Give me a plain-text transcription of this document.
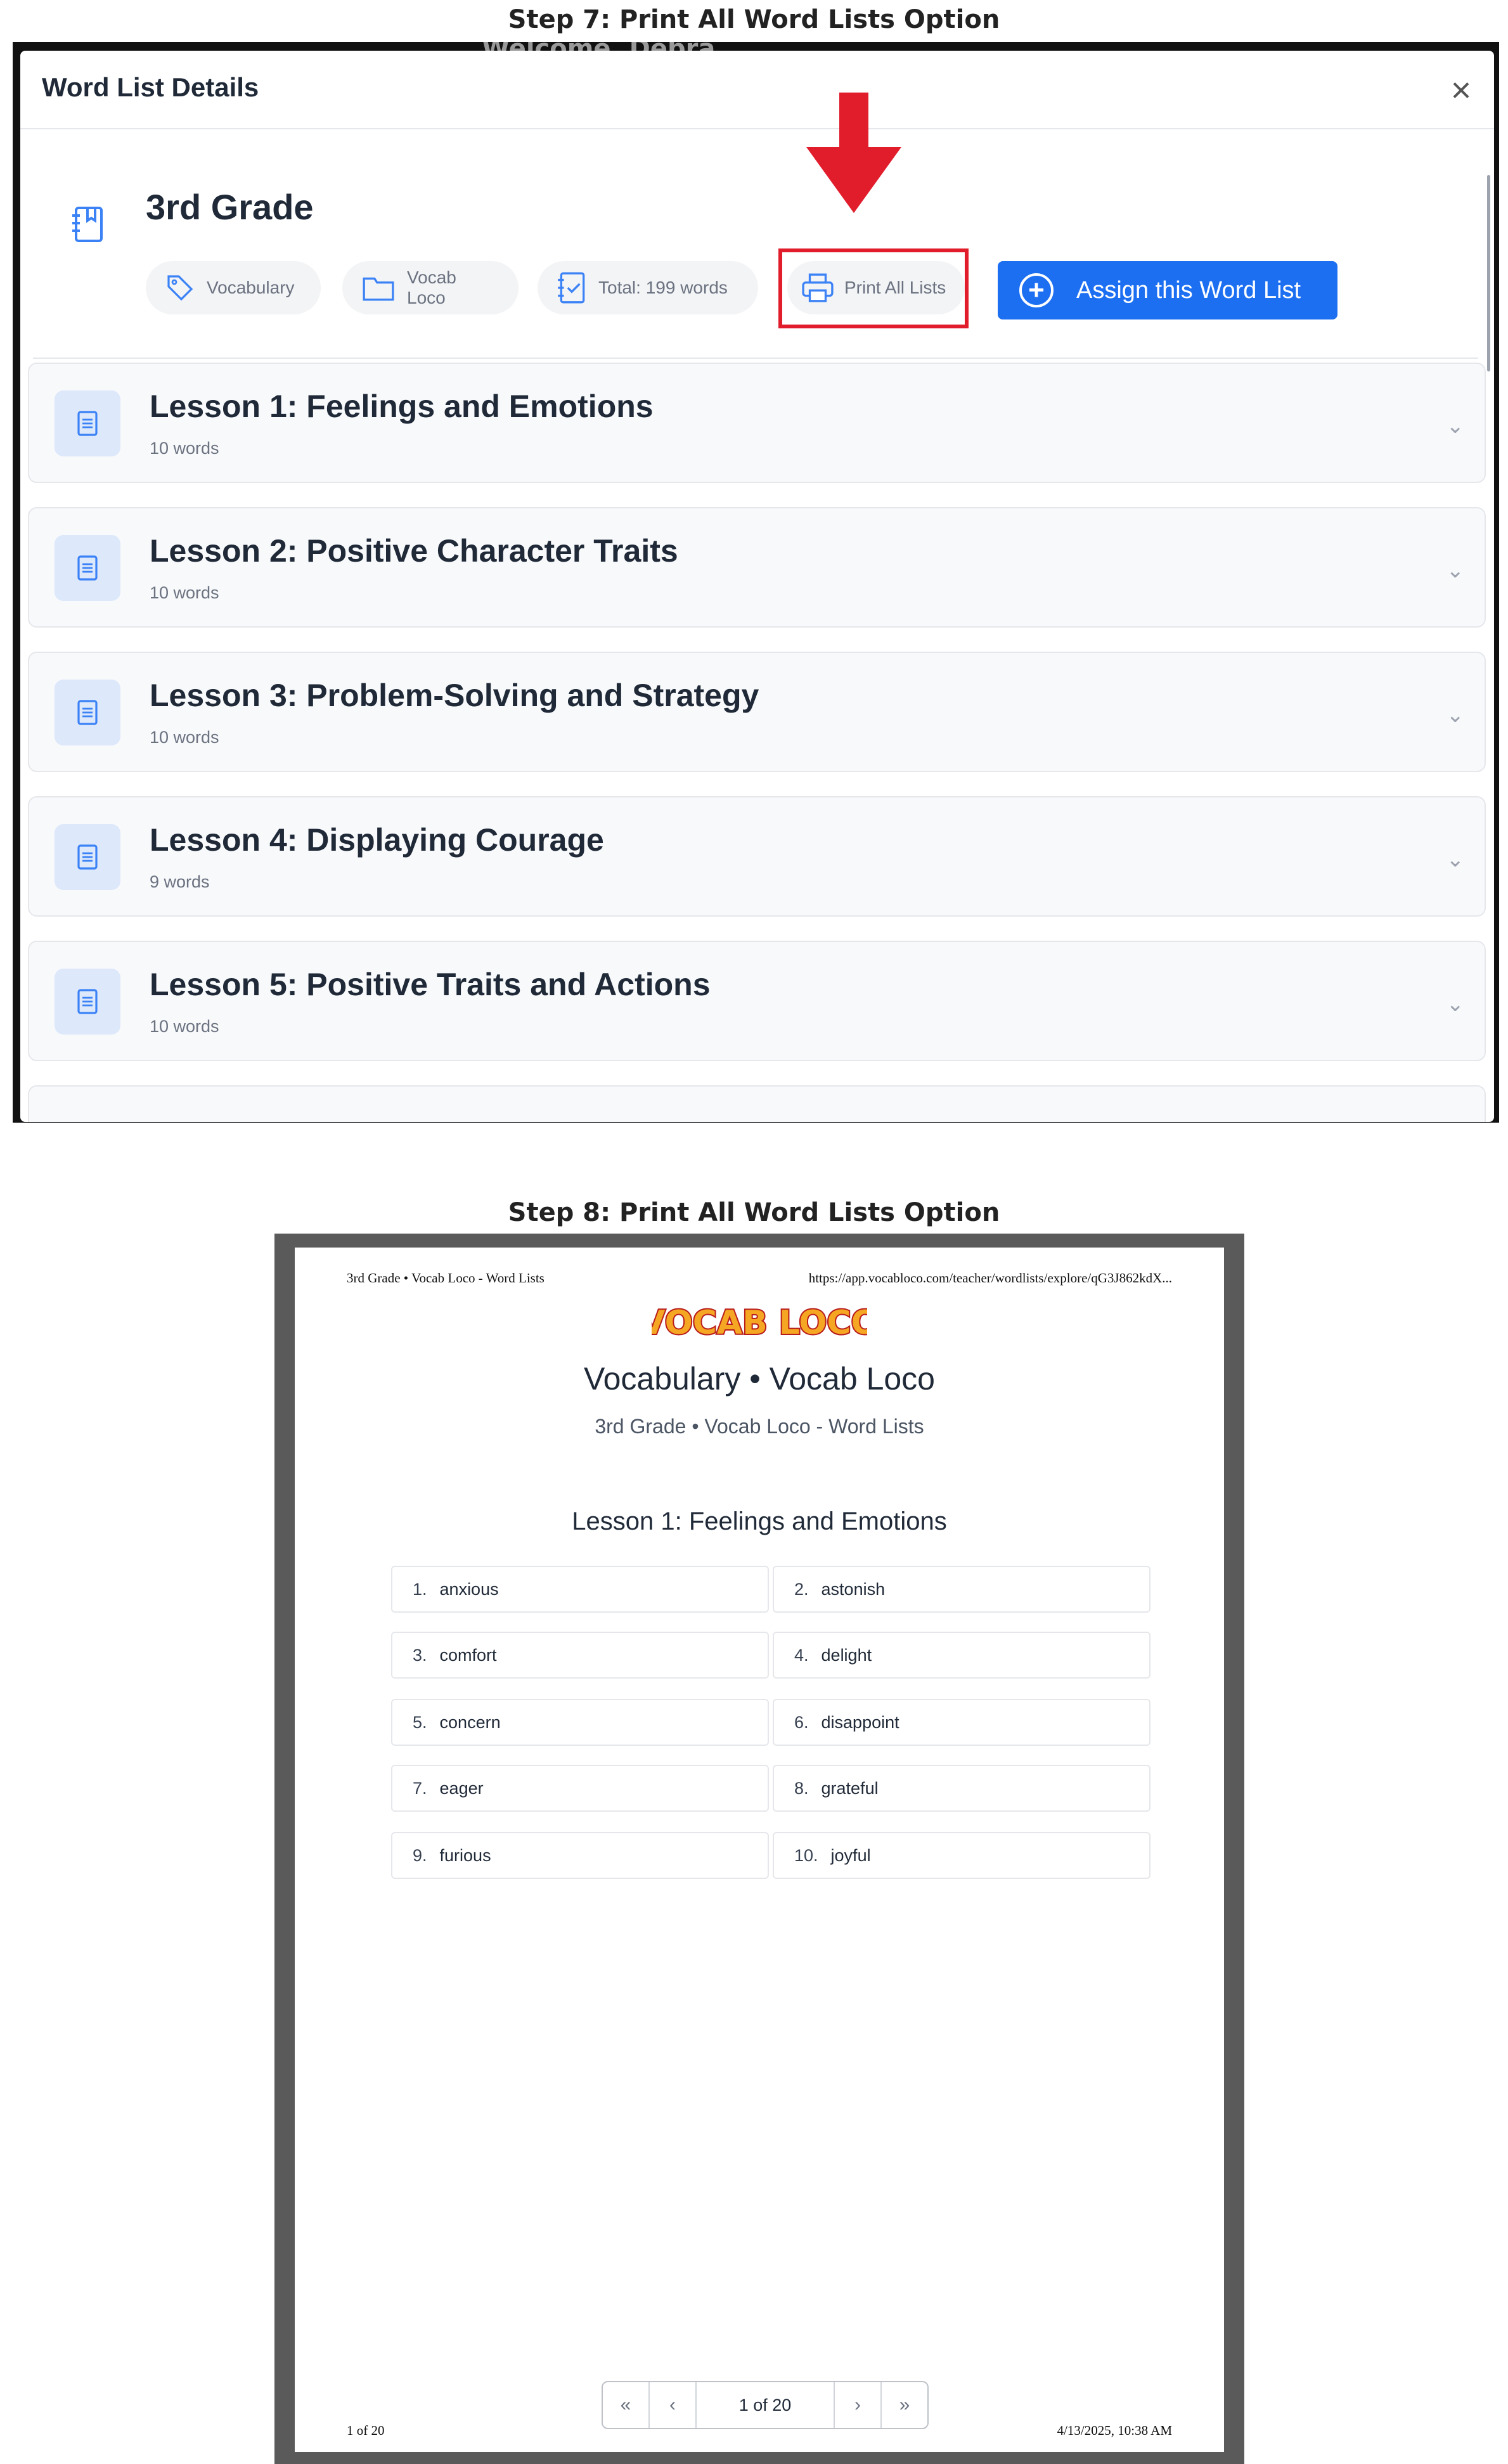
Step 7: Print All Word Lists Option
Word List Details	×
3rd Grade
Vocabulary
Vocab Loco
Total: 199 words	Print All Lists	+	Assign this Word List
Lesson 1: Feelings and Emotions
10 words
⌄
Lesson 2: Positive Character Traits
10 words
⌄
Lesson 3: Problem-Solving and Strategy
10 words
⌄
Lesson 4: Displaying Courage
9 words
⌄
Lesson 5: Positive Traits and Actions
10 words
⌄
Step 8: Print All Word Lists Option
3rd Grade • Vocab Loco - Word Lists	https://app.vocabloco.com/teacher/wordlists/explore/qG3J862kdX...
VOCAB LOCO
Vocabulary • Vocab Loco
3rd Grade • Vocab Loco - Word Lists
Lesson 1: Feelings and Emotions
1. anxious	2. astonish
3. comfort	4. delight
5. concern	6. disappoint
7. eager	8. grateful
9. furious	10. joyful
«	‹	1 of 20	›	»
1 of 20	4/13/2025, 10:38 AM
